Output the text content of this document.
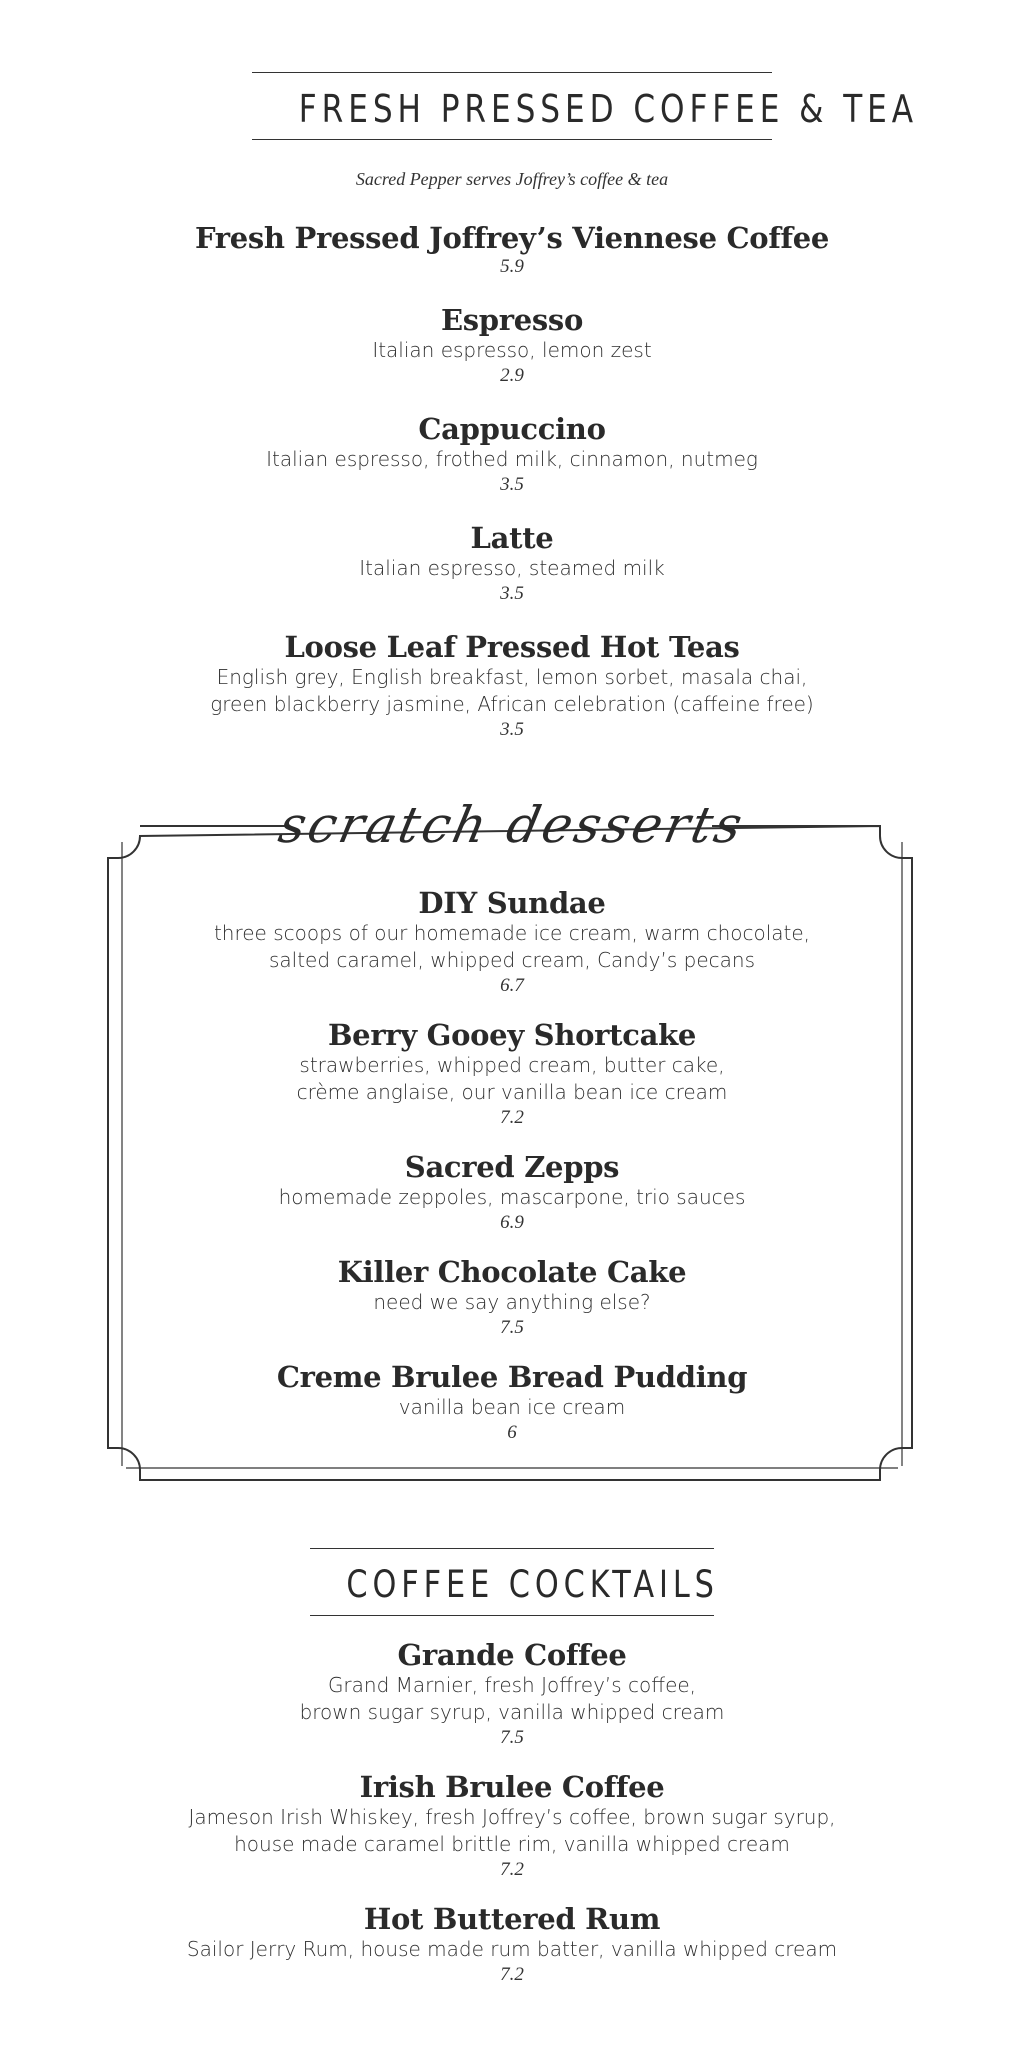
FRESH PRESSED COFFEE & TEA
Sacred Pepper serves Joffrey’s coffee & tea
Fresh Pressed Joffrey’s Viennese Coffee
5.9
Espresso
Italian espresso, lemon zest
2.9
Cappuccino
Italian espresso, frothed milk, cinnamon, nutmeg
3.5
Latte
Italian espresso, steamed milk
3.5
Loose Leaf Pressed Hot Teas
English grey, English breakfast, lemon sorbet, masala chai,
green blackberry jasmine, African celebration (caffeine free)
3.5
scratch desserts
DIY Sundae
three scoops of our homemade ice cream, warm chocolate,
salted caramel, whipped cream, Candy’s pecans
6.7
Berry Gooey Shortcake
strawberries, whipped cream, butter cake,
crème anglaise, our vanilla bean ice cream
7.2
Sacred Zepps
homemade zeppoles, mascarpone, trio sauces
6.9
Killer Chocolate Cake
need we say anything else?
7.5
Creme Brulee Bread Pudding
vanilla bean ice cream
6
COFFEE COCKTAILS
Grande Coffee
Grand Marnier, fresh Joffrey’s coffee,
brown sugar syrup, vanilla whipped cream
7.5
Irish Brulee Coffee
Jameson Irish Whiskey, fresh Joffrey’s coffee, brown sugar syrup,
house made caramel brittle rim, vanilla whipped cream
7.2
Hot Buttered Rum
Sailor Jerry Rum, house made rum batter, vanilla whipped cream
7.2
